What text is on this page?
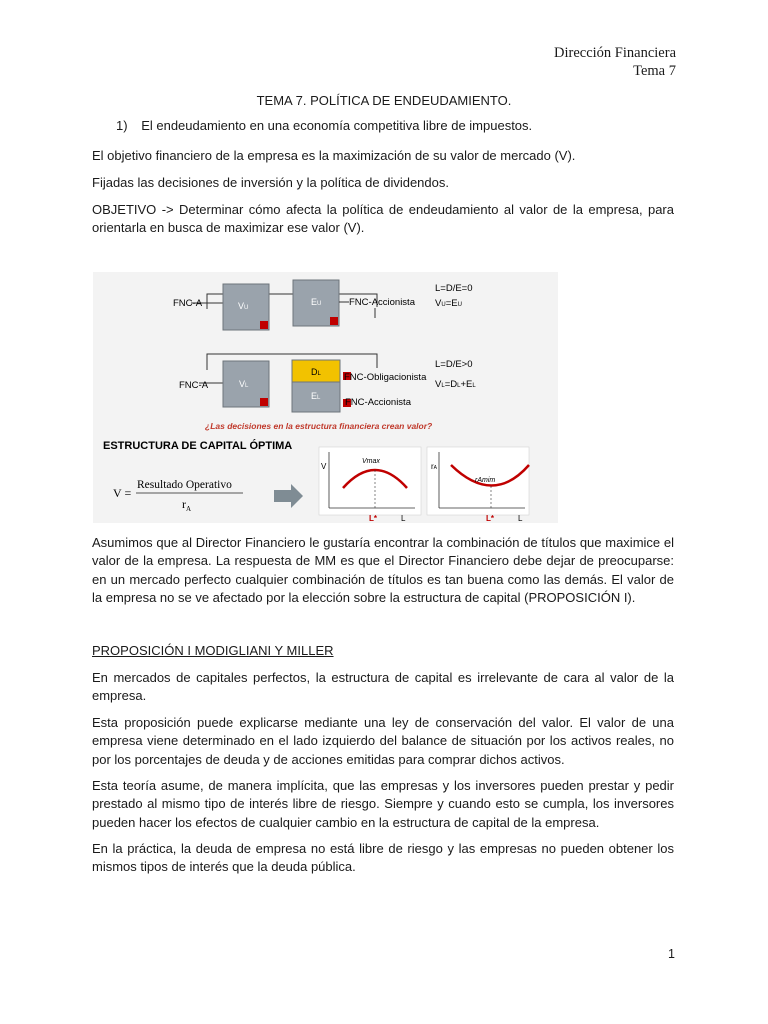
Dirección Financiera
Tema 7
TEMA 7. POLÍTICA DE ENDEUDAMIENTO.
1) El endeudamiento en una economía competitiva libre de impuestos.
El objetivo financiero de la empresa es la maximización de su valor de mercado (V).
Fijadas las decisiones de inversión y la política de dividendos.
OBJETIVO -> Determinar cómo afecta la política de endeudamiento al valor de la empresa, para orientarla en busca de maximizar ese valor (V).
FNC-A	VU
EU	FNC-Accionista
L=D/E=0
VU=EU
FNC-A	VL
DL
EL
FNC-Obligacionista
FNC-Accionista
L=D/E>0
VL=DL+EL
¿Las decisiones en la estructura financiera crean valor?
ESTRUCTURA DE CAPITAL ÓPTIMA
V =
Resultado Operativo
$r_A$
V
L
Vmax
L*
rA
L
rAmim
L*
Asumimos que al Director Financiero le gustaría encontrar la combinación de títulos que maximice el valor de la empresa. La respuesta de MM es que el Director Financiero debe dejar de preocuparse: en un mercado perfecto cualquier combinación de títulos es tan buena como las demás. El valor de la empresa no se ve afectado por la elección sobre la estructura de capital (PROPOSICIÓN I).
PROPOSICIÓN I MODIGLIANI Y MILLER
En mercados de capitales perfectos, la estructura de capital es irrelevante de cara al valor de la empresa.
Esta proposición puede explicarse mediante una ley de conservación del valor. El valor de una empresa viene determinado en el lado izquierdo del balance de situación por los activos reales, no por los porcentajes de deuda y de acciones emitidas para comprar dichos activos.
Esta teoría asume, de manera implícita, que las empresas y los inversores pueden prestar y pedir prestado al mismo tipo de interés libre de riesgo. Siempre y cuando esto se cumpla, los inversores pueden hacer los efectos de cualquier cambio en la estructura de capital de la empresa.
En la práctica, la deuda de empresa no está libre de riesgo y las empresas no pueden obtener los mismos tipos de interés que la deuda pública.
1
